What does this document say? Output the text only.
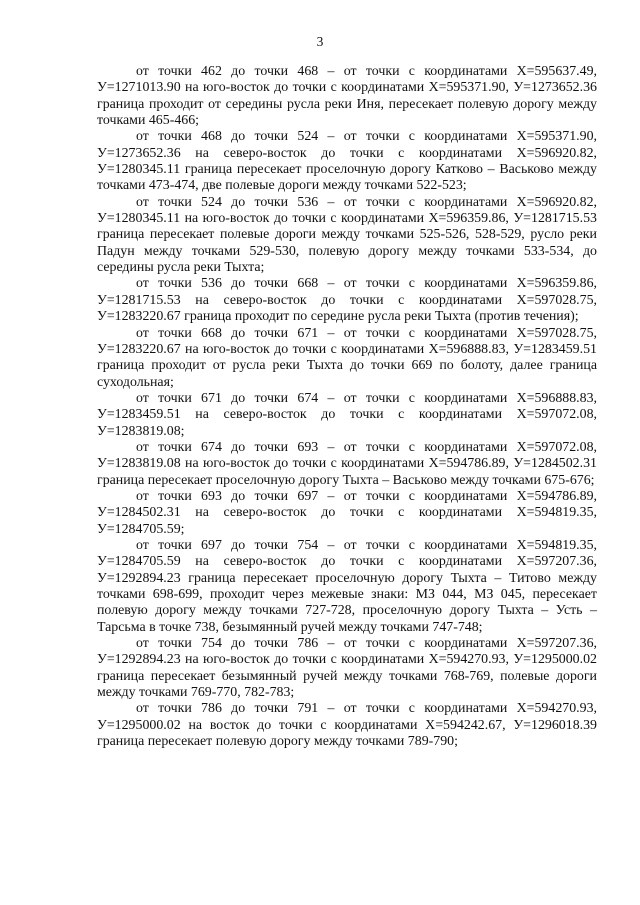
3

от точки 462 до точки 468 – от точки с координатами Х=595637.49, У=1271013.90 на юго-восток до точки с координатами Х=595371.90, У=1273652.36 граница проходит от середины русла реки Иня, пересекает полевую дорогу между точками 465-466;

от точки 468 до точки 524 – от точки с координатами Х=595371.90, У=1273652.36 на северо-восток до точки с координатами Х=596920.82, У=1280345.11 граница пересекает проселочную дорогу Катково – Васьково между точками 473-474, две полевые дороги между точками 522-523;

от точки 524 до точки 536 – от точки с координатами Х=596920.82, У=1280345.11 на юго-восток до точки с координатами Х=596359.86, У=1281715.53 граница пересекает полевые дороги между точками 525-526, 528-529, русло реки Падун между точками 529-530, полевую дорогу между точками 533-534, до середины русла реки Тыхта;

от точки 536 до точки 668 – от точки с координатами Х=596359.86, У=1281715.53 на северо-восток до точки с координатами Х=597028.75, У=1283220.67 граница проходит по середине русла реки Тыхта (против течения);

от точки 668 до точки 671 – от точки с координатами Х=597028.75, У=1283220.67 на юго-восток до точки с координатами Х=596888.83, У=1283459.51 граница проходит от русла реки Тыхта до точки 669 по болоту, далее граница суходольная;

от точки 671 до точки 674 – от точки с координатами Х=596888.83, У=1283459.51 на северо-восток до точки с координатами Х=597072.08, У=1283819.08;

от точки 674 до точки 693 – от точки с координатами Х=597072.08, У=1283819.08 на юго-восток до точки с координатами Х=594786.89, У=1284502.31 граница пересекает проселочную дорогу Тыхта – Васьково между точками 675-676;

от точки 693 до точки 697 – от точки с координатами Х=594786.89, У=1284502.31 на северо-восток до точки с координатами Х=594819.35, У=1284705.59;

от точки 697 до точки 754 – от точки с координатами Х=594819.35, У=1284705.59 на северо-восток до точки с координатами Х=597207.36, У=1292894.23 граница пересекает проселочную дорогу Тыхта – Титово между точками 698-699, проходит через межевые знаки: МЗ 044, МЗ 045, пересекает полевую дорогу между точками 727-728, проселочную дорогу Тыхта – Усть – Тарсьма в точке 738, безымянный ручей между точками 747-748;

от точки 754 до точки 786 – от точки с координатами Х=597207.36, У=1292894.23 на юго-восток до точки с координатами Х=594270.93, У=1295000.02 граница пересекает безымянный ручей между точками 768-769, полевые дороги между точками 769-770, 782-783;

от точки 786 до точки 791 – от точки с координатами Х=594270.93, У=1295000.02 на восток до точки с координатами Х=594242.67, У=1296018.39 граница пересекает полевую дорогу между точками 789-790;
